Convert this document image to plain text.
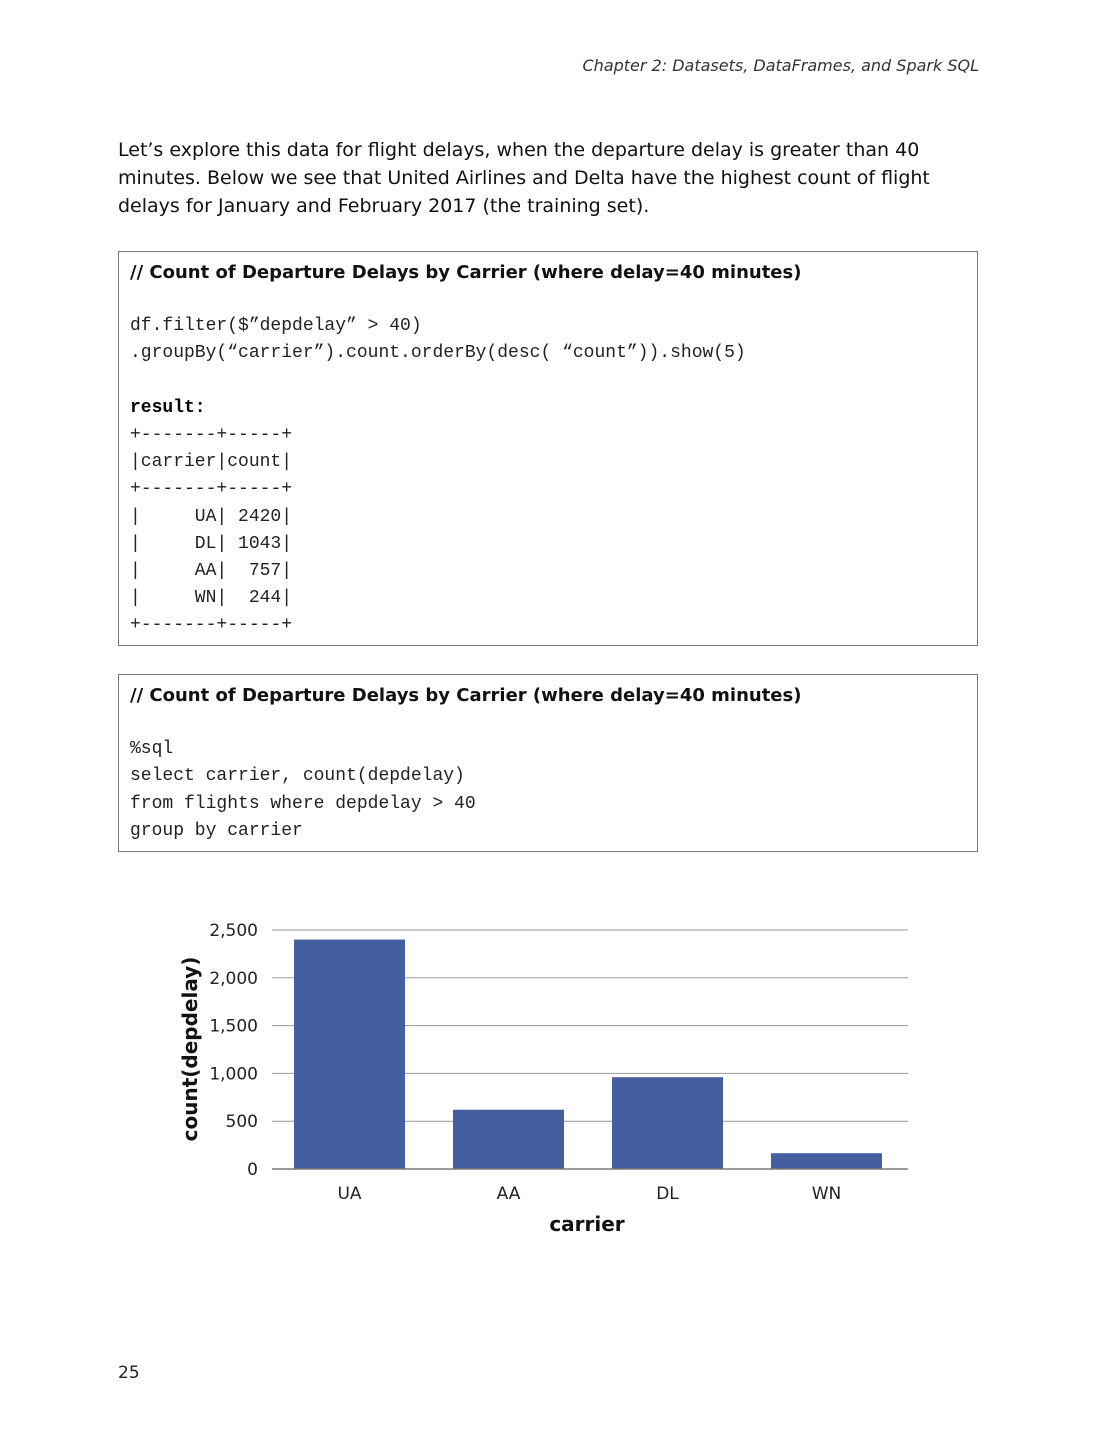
Chapter 2: Datasets, DataFrames, and Spark SQL

Let’s explore this data for flight delays, when the departure delay is greater than 40 minutes. Below we see that United Airlines and Delta have the highest count of flight delays for January and February 2017 (the training set).

// Count of Departure Delays by Carrier (where delay=40 minutes)
df.filter($”depdelay” > 40)
.groupBy(“carrier”).count.orderBy(desc( “count”)).show(5)
result:
+-------+-----+
|carrier|count|
+-------+-----+
|     UA| 2420|
|     DL| 1043|
|     AA|  757|
|     WN|  244|
+-------+-----+
// Count of Departure Delays by Carrier (where delay=40 minutes)
%sql
select carrier, count(depdelay)
from flights where depdelay > 40
group by carrier
0
500
1,000
1,500
2,000
2,500
UA	AA	DL	WN
carrier
count(depdelay)
25
